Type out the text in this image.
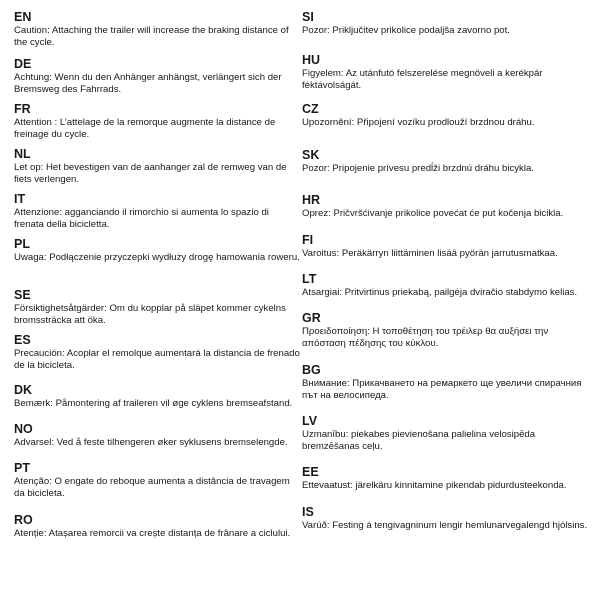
EN
Caution: Attaching the trailer will increase the braking distance of the cycle.
DE
Achtung: Wenn du den Anhänger anhängst, verlängert sich der Bremsweg des Fahrrads.
FR
Attention : L’attelage de la remorque augmente la distance de freinage du cycle.
NL
Let op: Het bevestigen van de aanhanger zal de remweg van de fiets verlengen.
IT
Attenzione: agganciando il rimorchio si aumenta lo spazio di frenata della bicicletta.
PL
Uwaga: Podłączenie przyczepki wydłuży drogę hamowania roweru.
SE
Försiktighetsåtgärder: Om du kopplar på släpet kommer cykelns bromssträcka att öka.
ES
Precaución: Acoplar el remolque aumentará la distancia de frenado de la bicicleta.
DK
Bemærk: Påmontering af traileren vil øge cyklens bremseafstand.
NO
Advarsel: Ved å feste tilhengeren øker syklusens bremselengde.
PT
Atenção: O engate do reboque aumenta a distância de travagem da bicicleta.
RO
Atenție: Atașarea remorcii va crește distanța de frânare a ciclului.
SI
Pozor: Priključitev prikolice podaljša zavorno pot.
HU
Figyelem: Az utánfutó felszerelése megnöveli a kerékpár féktávolságát.
CZ
Upozornění: Připojení vozíku prodlouží brzdnou dráhu.
SK
Pozor: Pripojenie prívesu predĺži brzdnú dráhu bicykla.
HR
Oprez: Pričvršćivanje prikolice povećat će put kočenja bicikla.
FI
Varoitus: Peräkärryn liittäminen lisää pyörän jarrutusmatkaa.
LT
Atsargiai: Pritvirtinus priekabą, pailgėja dviračio stabdymo kelias.
GR
Προειδοποίηση: Η τοποθέτηση του τρέιλερ θα αυξήσει την απόσταση πέδησης του κύκλου.
BG
Внимание: Прикачването на ремаркето ще увеличи спирачния път на велосипеда.
LV
Uzmanību: piekabes pievienošana palielina velosipēda bremzēšanas ceļu.
EE
Ettevaatust: järelkäru kinnitamine pikendab pidurdusteekonda.
IS
Varúð: Festing á tengivagninum lengir hemlunarvegalengd hjólsins.
